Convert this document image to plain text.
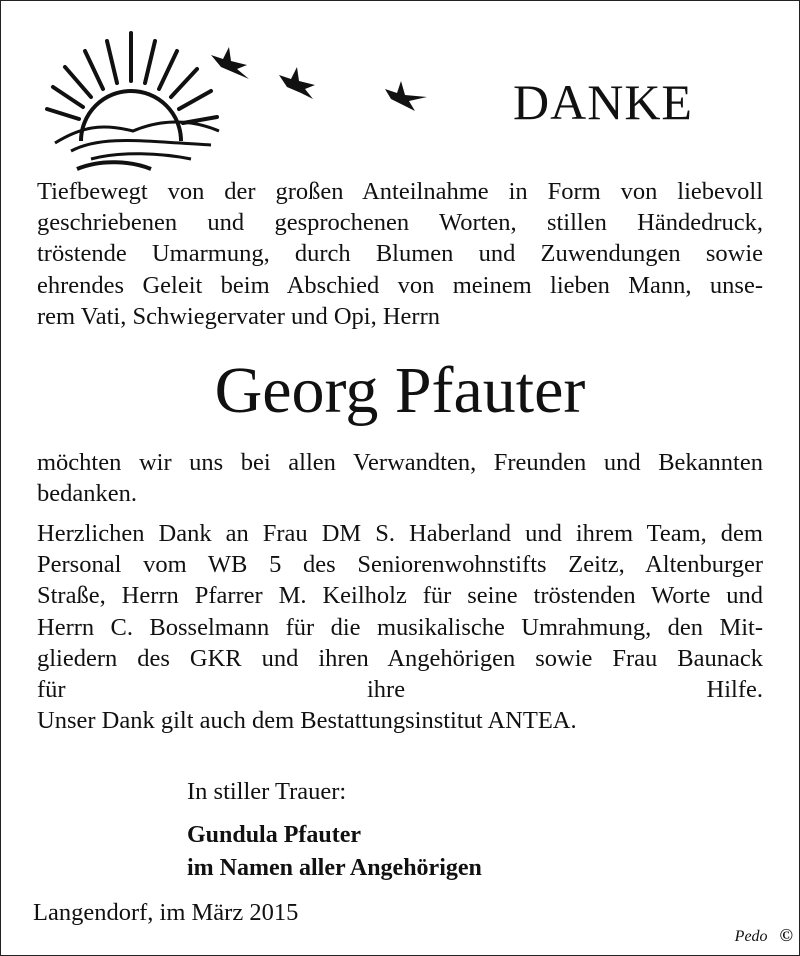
DANKE

Tiefbewegt von der großen Anteilnahme in Form von liebevoll
geschriebenen und gesprochenen Worten, stillen Händedruck,
tröstende Umarmung, durch Blumen und Zuwendungen sowie
ehrendes Geleit beim Abschied von meinem lieben Mann, unse-
rem Vati, Schwiegervater und Opi, Herrn

Georg Pfauter

möchten wir uns bei allen Verwandten, Freunden und Bekannten
bedanken.

Herzlichen Dank an Frau DM S. Haberland und ihrem Team, dem
Personal vom WB 5 des Seniorenwohnstifts Zeitz, Altenburger
Straße, Herrn Pfarrer M. Keilholz für seine tröstenden Worte und
Herrn C. Bosselmann für die musikalische Umrahmung, den Mit-
gliedern des GKR und ihren Angehörigen sowie Frau Baunack
für ihre Hilfe.
Unser Dank gilt auch dem Bestattungsinstitut ANTEA.

In stiller Trauer:

Gundula Pfauter
im Namen aller Angehörigen

Langendorf, im März 2015

Pedo ©
